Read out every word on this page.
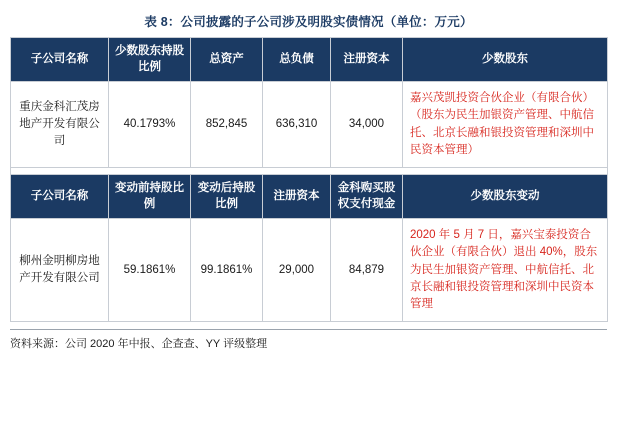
表 8：公司披露的子公司涉及明股实债情况（单位：万元）
子公司名称	少数股东持股比例	总资产	总负债	注册资本	少数股东
重庆金科汇茂房地产开发有限公司	40.1793%	852,845	636,310	34,000	嘉兴茂凯投资合伙企业（有限合伙）（股东为民生加银资产管理、中航信托、北京长融和银投资管理和深圳中民资本管理）

子公司名称	变动前持股比例	变动后持股比例	注册资本	金科购买股权支付现金	少数股东变动
柳州金明柳房地产开发有限公司	59.1861%	99.1861%	29,000	84,879	2020 年 5 月 7 日，嘉兴宝泰投资合伙企业（有限合伙）退出 40%，股东为民生加银资产管理、中航信托、北京长融和银投资管理和深圳中民资本管理
资料来源：公司 2020 年中报、企查查、YY 评级整理
